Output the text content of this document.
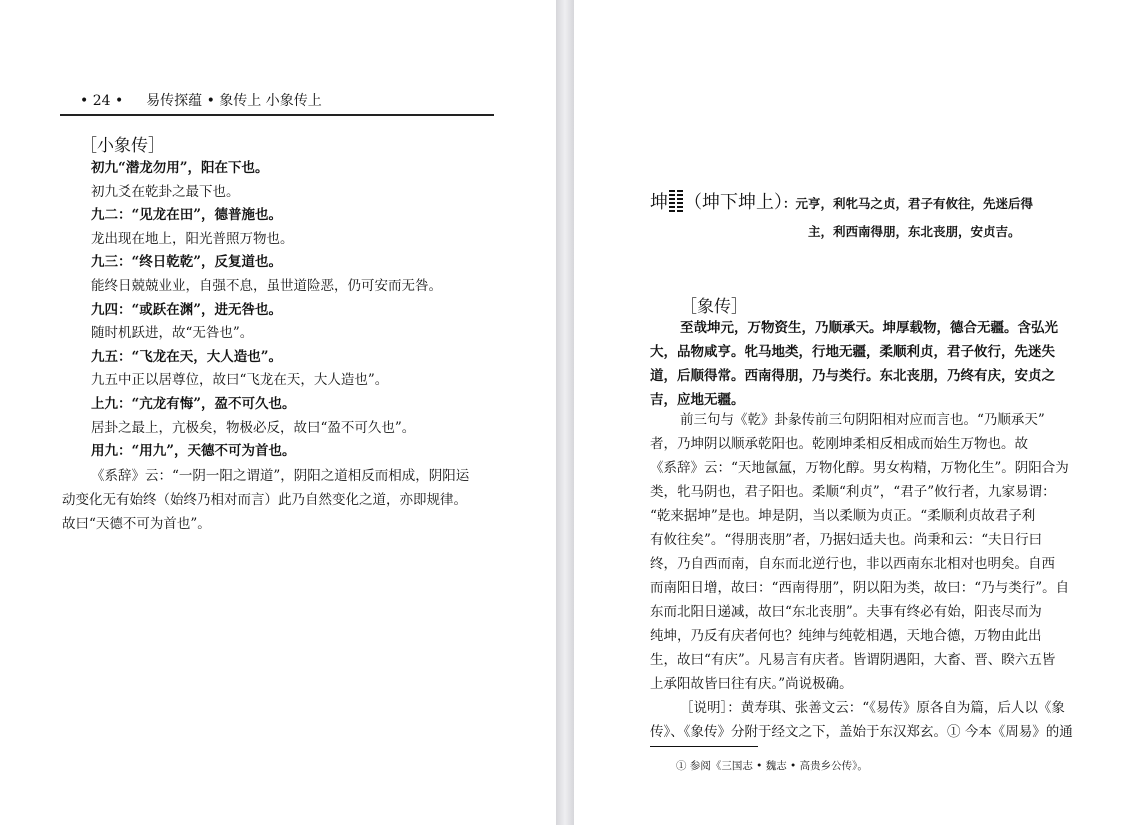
• 24 • 易传探蕴 • 象传上 小象传上
［小象传］
初九“潜龙勿用”，阳在下也。
初九爻在乾卦之最下也。
九二：“见龙在田”，德普施也。
龙出现在地上，阳光普照万物也。
九三：“终日乾乾”，反复道也。
能终日兢兢业业，自强不息，虽世道险恶，仍可安而无咎。
九四：“或跃在渊”，进无咎也。
随时机跃进，故“无咎也”。
九五：“飞龙在天，大人造也”。
九五中正以居尊位，故曰“飞龙在天，大人造也”。
上九：“亢龙有悔”，盈不可久也。
居卦之最上，亢极矣，物极必反，故曰“盈不可久也”。
用九：“用九”，天德不可为首也。
《系辞》云：“一阴一阳之谓道”，阴阳之道相反而相成，阴阳运
动变化无有始终（始终乃相对而言）此乃自然变化之道，亦即规律。
故曰“天德不可为首也”。
坤 （坤下坤上）：元亨，利牝马之贞，君子有攸往，先迷后得
主，利西南得朋，东北丧朋，安贞吉。
［象传］
至哉坤元，万物资生，乃顺承天。坤厚载物，德合无疆。含弘光
大，品物咸亨。牝马地类，行地无疆，柔顺利贞，君子攸行，先迷失
道，后顺得常。西南得朋，乃与类行。东北丧朋，乃终有庆，安贞之
吉，应地无疆。
前三句与《乾》卦彖传前三句阴阳相对应而言也。“乃顺承天”
者，乃坤阴以顺承乾阳也。乾刚坤柔相反相成而始生万物也。故
《系辞》云：“天地氤氲，万物化醇。男女构精，万物化生”。阴阳合为
类，牝马阴也，君子阳也。柔顺“利贞”，“君子”攸行者，九家易谓：
“乾来据坤”是也。坤是阴，当以柔顺为贞正。“柔顺利贞故君子利
有攸往矣”。“得朋丧朋”者，乃据妇适夫也。尚秉和云：“夫日行曰
终，乃自西而南，自东而北逆行也，非以西南东北相对也明矣。自西
而南阳日增，故曰：“西南得朋”，阴以阳为类，故曰：“乃与类行”。自
东而北阳日递减，故曰“东北丧朋”。夫事有终必有始，阳丧尽而为
纯坤，乃反有庆者何也？纯绅与纯乾相遇，天地合德，万物由此出
生，故曰“有庆”。凡易言有庆者。皆谓阴遇阳，大畜、晋、睽六五皆
上承阳故皆曰往有庆。”尚说极确。
［说明］：黄寿琪、张善文云：“《易传》原各自为篇，后人以《象
传》、《象传》分附于经文之下，盖始于东汉郑玄。① 今本《周易》的通
① 参阅《三国志 • 魏志 • 高贵乡公传》。
